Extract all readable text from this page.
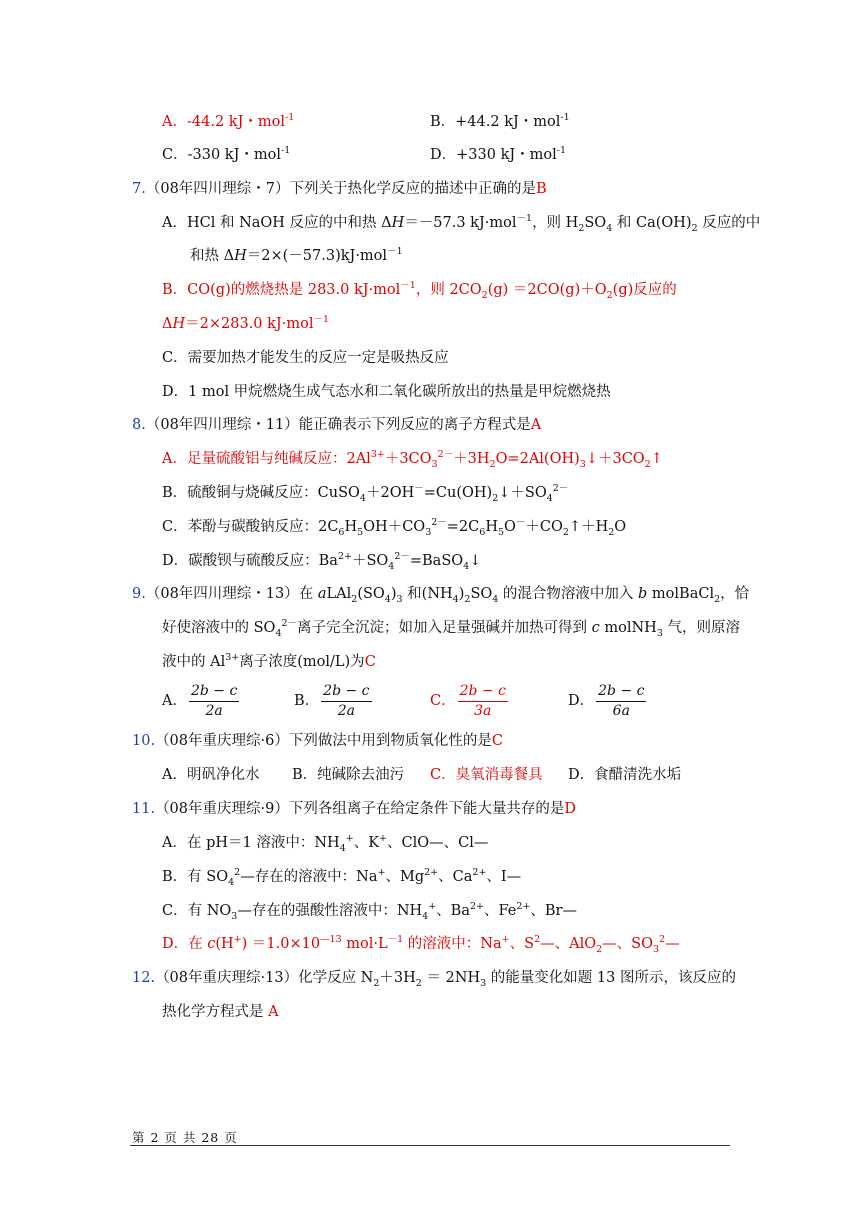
A．-44.2 kJ・mol$^{-1}$	B．+44.2 kJ・mol$^{-1}$
C．-330 kJ・mol$^{-1}$	D．+330 kJ・mol$^{-1}$
7.（08年四川理综・7）下列关于热化学反应的描述中正确的是B
A．HCl 和 NaOH 反应的中和热 ΔH＝－57.3 kJ·mol$^{-1}$，则 $H_2SO_4$ 和 $Ca(OH)_2$ 反应的中
和热 ΔH＝2×(－57.3)kJ·mol$^{-1}$
B．CO(g)的燃烧热是 283.0 kJ·mol$^{-1}$，则 $2CO_2(g) =2CO(g)+O_2(g)$反应的
ΔH＝2×283.0 kJ·mol$^{-1}$
C．需要加热才能发生的反应一定是吸热反应
D．1 mol 甲烷燃烧生成气态水和二氧化碳所放出的热量是甲烷燃烧热
8.（08年四川理综・11）能正确表示下列反应的离子方程式是A
A．足量硫酸铝与纯碱反应：$2Al^{3+}+3CO_3^{2-}+3H_2O=2Al(OH)_3↓+3CO_2↑$
B．硫酸铜与烧碱反应：$CuSO_4+2OH^-=Cu(OH)_2↓+SO_4^{2-}$
C．苯酚与碳酸钠反应：$2C_6H_5OH+CO_3^{2-}=2C_6H_5O^-+CO_2↑+H_2O$
D．碳酸钡与硫酸反应：$Ba^{2+}+SO_4^{2-}=BaSO_4↓$
9.（08年四川理综・13）在 $aLAl_2(SO_4)_3$ 和$(NH_4)_2SO_4$ 的混合物溶液中加入 b molBaCl$_2$，恰
好使溶液中的 $SO_4^{2-}$离子完全沉淀；如加入足量强碱并加热可得到 c molNH$_3$ 气，则原溶
液中的 $Al^{3+}$离子浓度(mol/L)为C
A． $\frac{2b - c}{2a}$	B． $\frac{2b - c}{2a}$	C． $\frac{2b - c}{3a}$	D． $\frac{2b - c}{6a}$
10.（08年重庆理综·6）下列做法中用到物质氧化性的是C
A．明矾净化水 B．纯碱除去油污 C．臭氧消毒餐具 D．食醋清洗水垢
11.（08年重庆理综·9）下列各组离子在给定条件下能大量共存的是D
A．在 pH＝1 溶液中：$NH_4^+$、K+、ClO—、Cl—
B．有 $SO_4^2—$存在的溶液中：Na+、$Mg^{2+}$、$Ca^{2+}$、I—
C．有 $NO_3—$存在的强酸性溶液中：$NH_4^+$、$Ba^{2+}$、$Fe^{2+}$、Br—
D．在 $c(H^+) =1.0\times 10^{—13}$ $mol\cdot L^{-1}$ 的溶液中：Na+、$S^2—$、AlO$_2$—、$SO_3^2—$
12.（08年重庆理综·13）化学反应 $N_2+3H_2 = 2NH_3$ 的能量变化如题 13 图所示，该反应的
热化学方程式是 A
第 2 页 共 28 页
